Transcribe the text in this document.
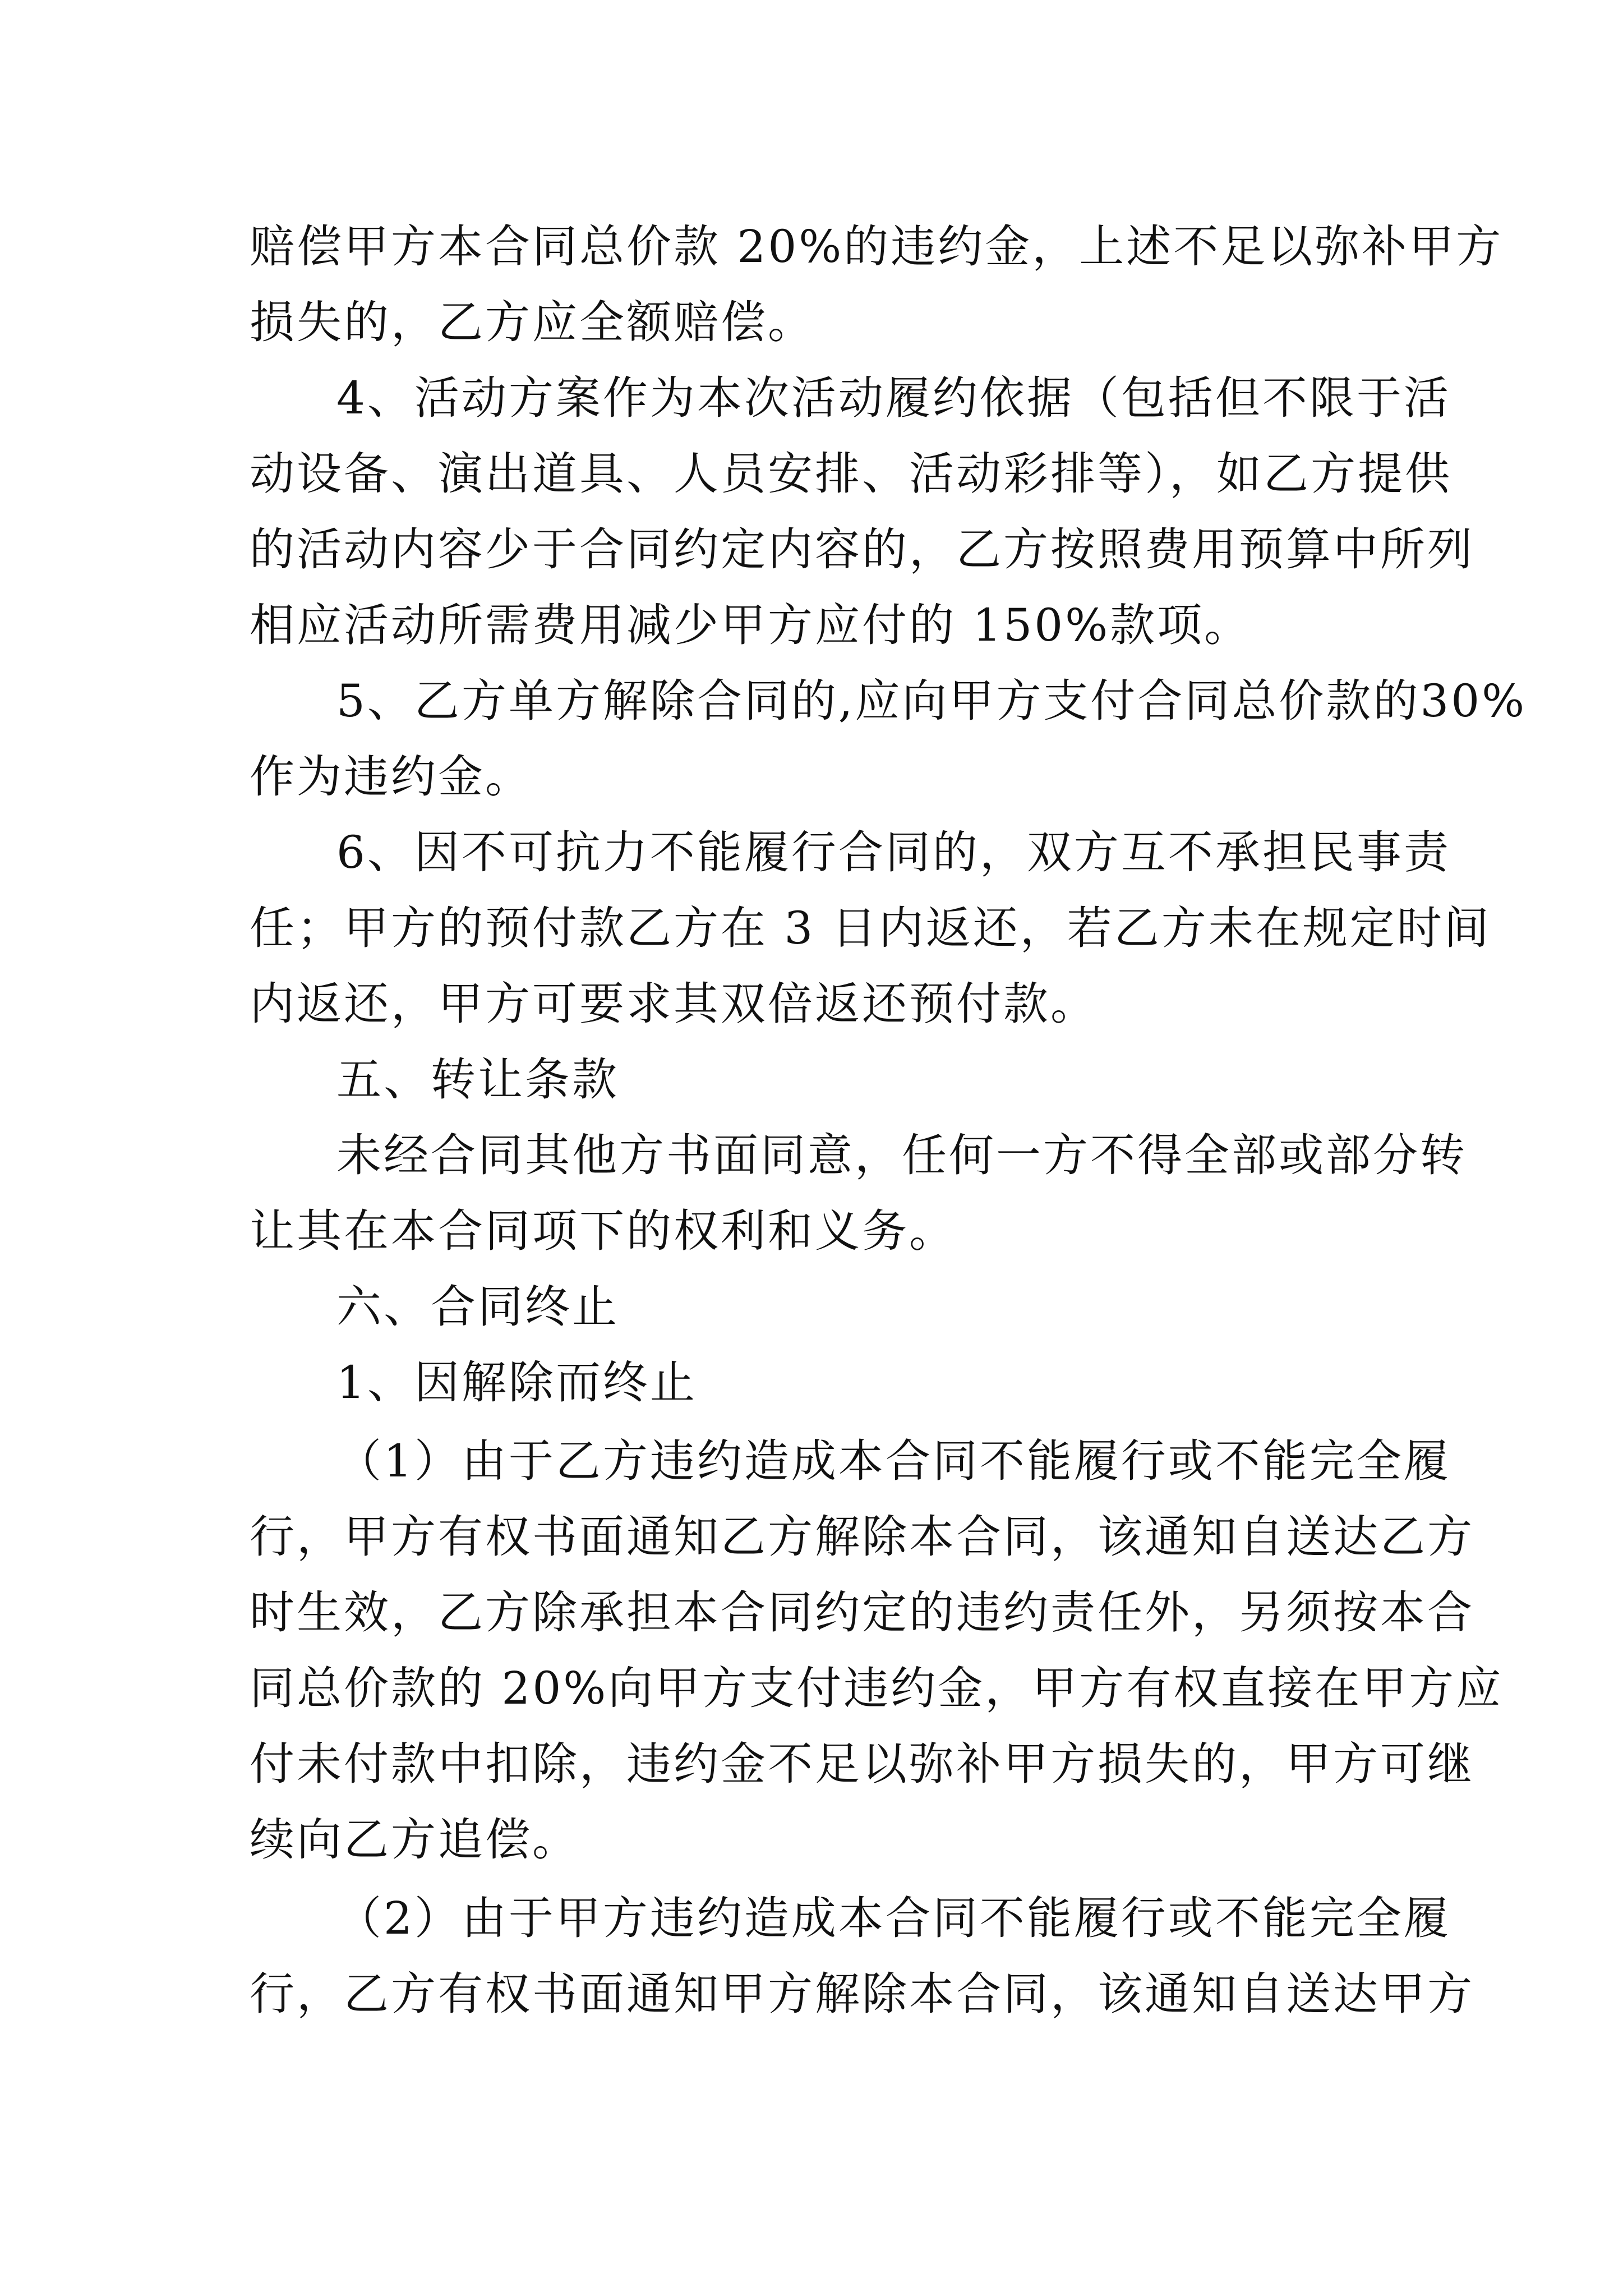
赔偿甲方本合同总价款 20%的违约金，上述不足以弥补甲方
损失的，乙方应全额赔偿。
4、活动方案作为本次活动履约依据（包括但不限于活
动设备、演出道具、人员安排、活动彩排等），如乙方提供
的活动内容少于合同约定内容的，乙方按照费用预算中所列
相应活动所需费用减少甲方应付的 150%款项。
5、乙方单方解除合同的,应向甲方支付合同总价款的30%
作为违约金。
6、因不可抗力不能履行合同的，双方互不承担民事责
任；甲方的预付款乙方在 3 日内返还，若乙方未在规定时间
内返还，甲方可要求其双倍返还预付款。
五、转让条款
未经合同其他方书面同意，任何一方不得全部或部分转
让其在本合同项下的权利和义务。
六、合同终止
1、因解除而终止
（1）由于乙方违约造成本合同不能履行或不能完全履
行，甲方有权书面通知乙方解除本合同，该通知自送达乙方
时生效，乙方除承担本合同约定的违约责任外，另须按本合
同总价款的 20%向甲方支付违约金，甲方有权直接在甲方应
付未付款中扣除，违约金不足以弥补甲方损失的，甲方可继
续向乙方追偿。
（2）由于甲方违约造成本合同不能履行或不能完全履
行，乙方有权书面通知甲方解除本合同，该通知自送达甲方
